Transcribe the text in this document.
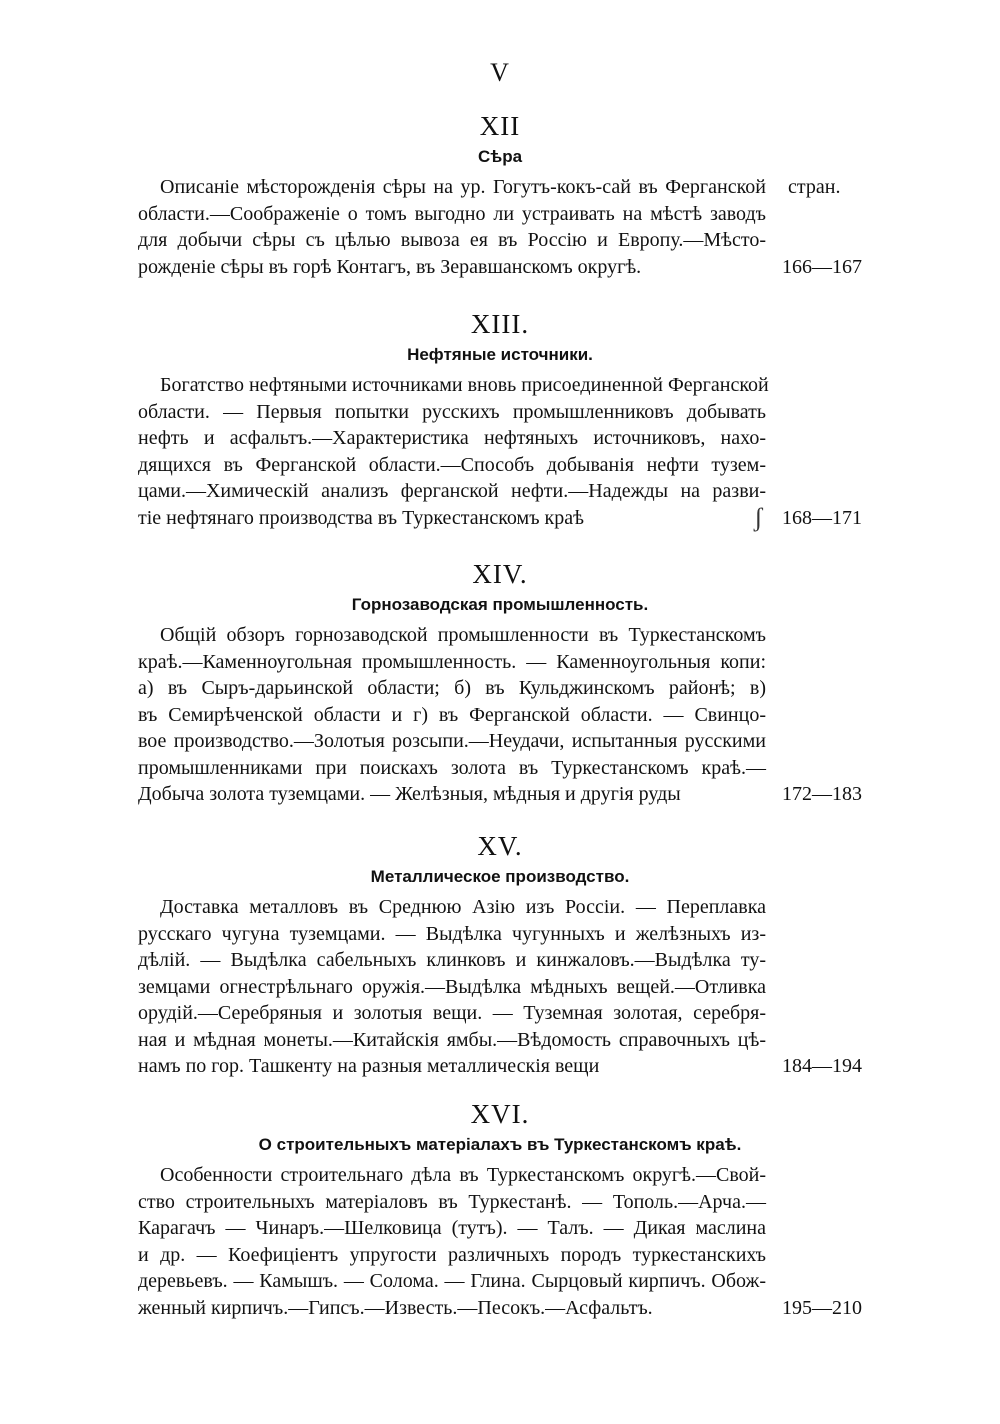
V
XII
Сѣра
Описаніе мѣсторожденія сѣры на ур. Гогутъ-кокъ-сай въ Ферганской
области.—Соображеніе о томъ выгодно ли устраивать на мѣстѣ заводъ
для добычи сѣры съ цѣлью вывоза ея въ Россію и Европу.—Мѣсто-
рожденіе сѣры въ горѣ Контагъ, въ Зеравшанскомъ округѣ.
стран.
166—167
XIII.
Нефтяные источники.
Богатство нефтяными источниками вновь присоединенной Ферганской
области. — Первыя попытки русскихъ промышленниковъ добывать
нефть и асфальтъ.—Характеристика нефтяныхъ источниковъ, нахо-
дящихся въ Ферганской области.—Способъ добыванія нефти тузем-
цами.—Химическій анализъ ферганской нефти.—Надежды на разви-
тіе нефтянаго производства въ Туркестанскомъ краѣ	ʃ 168—171
XIV.
Горнозаводская промышленность.
Общій обзоръ горнозаводской промышленности въ Туркестанскомъ
краѣ.—Каменноугольная промышленность. — Каменноугольныя копи:
а) въ Сыръ-дарьинской области; б) въ Кульджинскомъ районѣ; в)
въ Семирѣченской области и г) въ Ферганской области. — Свинцо-
вое производство.—Золотыя розсыпи.—Неудачи, испытанныя русскими
промышленниками при поискахъ золота въ Туркестанскомъ краѣ.—
Добыча золота туземцами. — Желѣзныя, мѣдныя и другія руды	172—183
XV.
Металлическое производство.
Доставка металловъ въ Среднюю Азію изъ Россіи. — Переплавка
русскаго чугуна туземцами. — Выдѣлка чугунныхъ и желѣзныхъ из-
дѣлій. — Выдѣлка сабельныхъ клинковъ и кинжаловъ.—Выдѣлка ту-
земцами огнестрѣльнаго оружія.—Выдѣлка мѣдныхъ вещей.—Отливка
орудій.—Серебряныя и золотыя вещи. — Туземная золотая, серебря-
ная и мѣдная монеты.—Китайскія ямбы.—Вѣдомость справочныхъ цѣ-
намъ по гор. Ташкенту на разныя металлическія вещи	184—194
XVI.
О строительныхъ матеріалахъ въ Туркестанскомъ краѣ.
Особенности строительнаго дѣла въ Туркестанскомъ округѣ.—Свой-
ство строительныхъ матеріаловъ въ Туркестанѣ. — Тополь.—Арча.—
Карагачъ — Чинаръ.—Шелковица (тутъ). — Талъ. — Дикая маслина
и др. — Коефиціентъ упругости различныхъ породъ туркестанскихъ
деревьевъ. — Камышъ. — Солома. — Глина. Сырцовый кирпичъ. Обож-
женный кирпичъ.—Гипсъ.—Известь.—Песокъ.—Асфальтъ.	195—210
